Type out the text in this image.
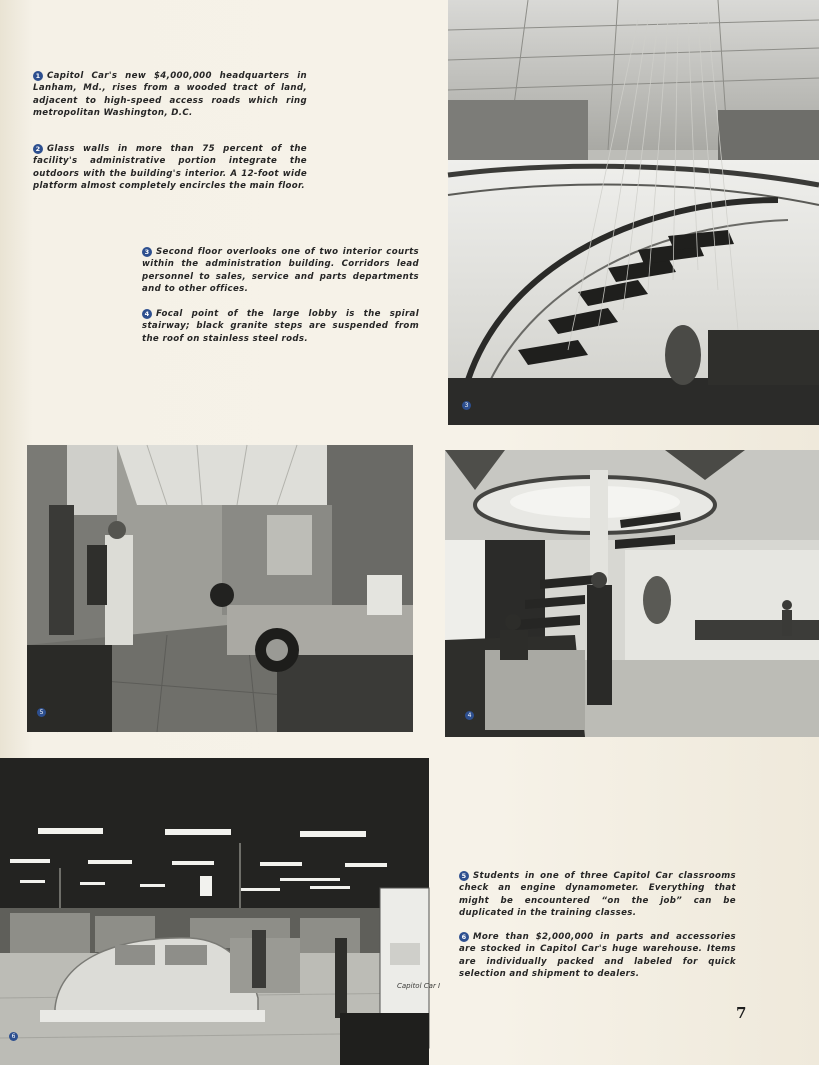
1 Capitol Car's new $4,000,000 headquarters in Lanham, Md., rises from a wooded tract of land, adjacent to high-speed access roads which ring metropolitan Washington, D.C.
2 Glass walls in more than 75 percent of the facility's administrative portion integrate the outdoors with the building's interior. A 12-foot wide platform almost completely encircles the main floor.
3 Second floor overlooks one of two interior courts within the administration building. Corridors lead personnel to sales, service and parts departments and to other offices.
4 Focal point of the large lobby is the spiral stairway; black granite steps are suspended from the roof on stainless steel rods.
5 Students in one of three Capitol Car classrooms check an engine dynamometer. Everything that might be encountered “on the job” can be duplicated in the training classes.
6 More than $2,000,000 in parts and accessories are stocked in Capitol Car's huge warehouse. Items are individually packed and labeled for quick selection and shipment to dealers.
3
5	4
Capitol Car I
6
7
